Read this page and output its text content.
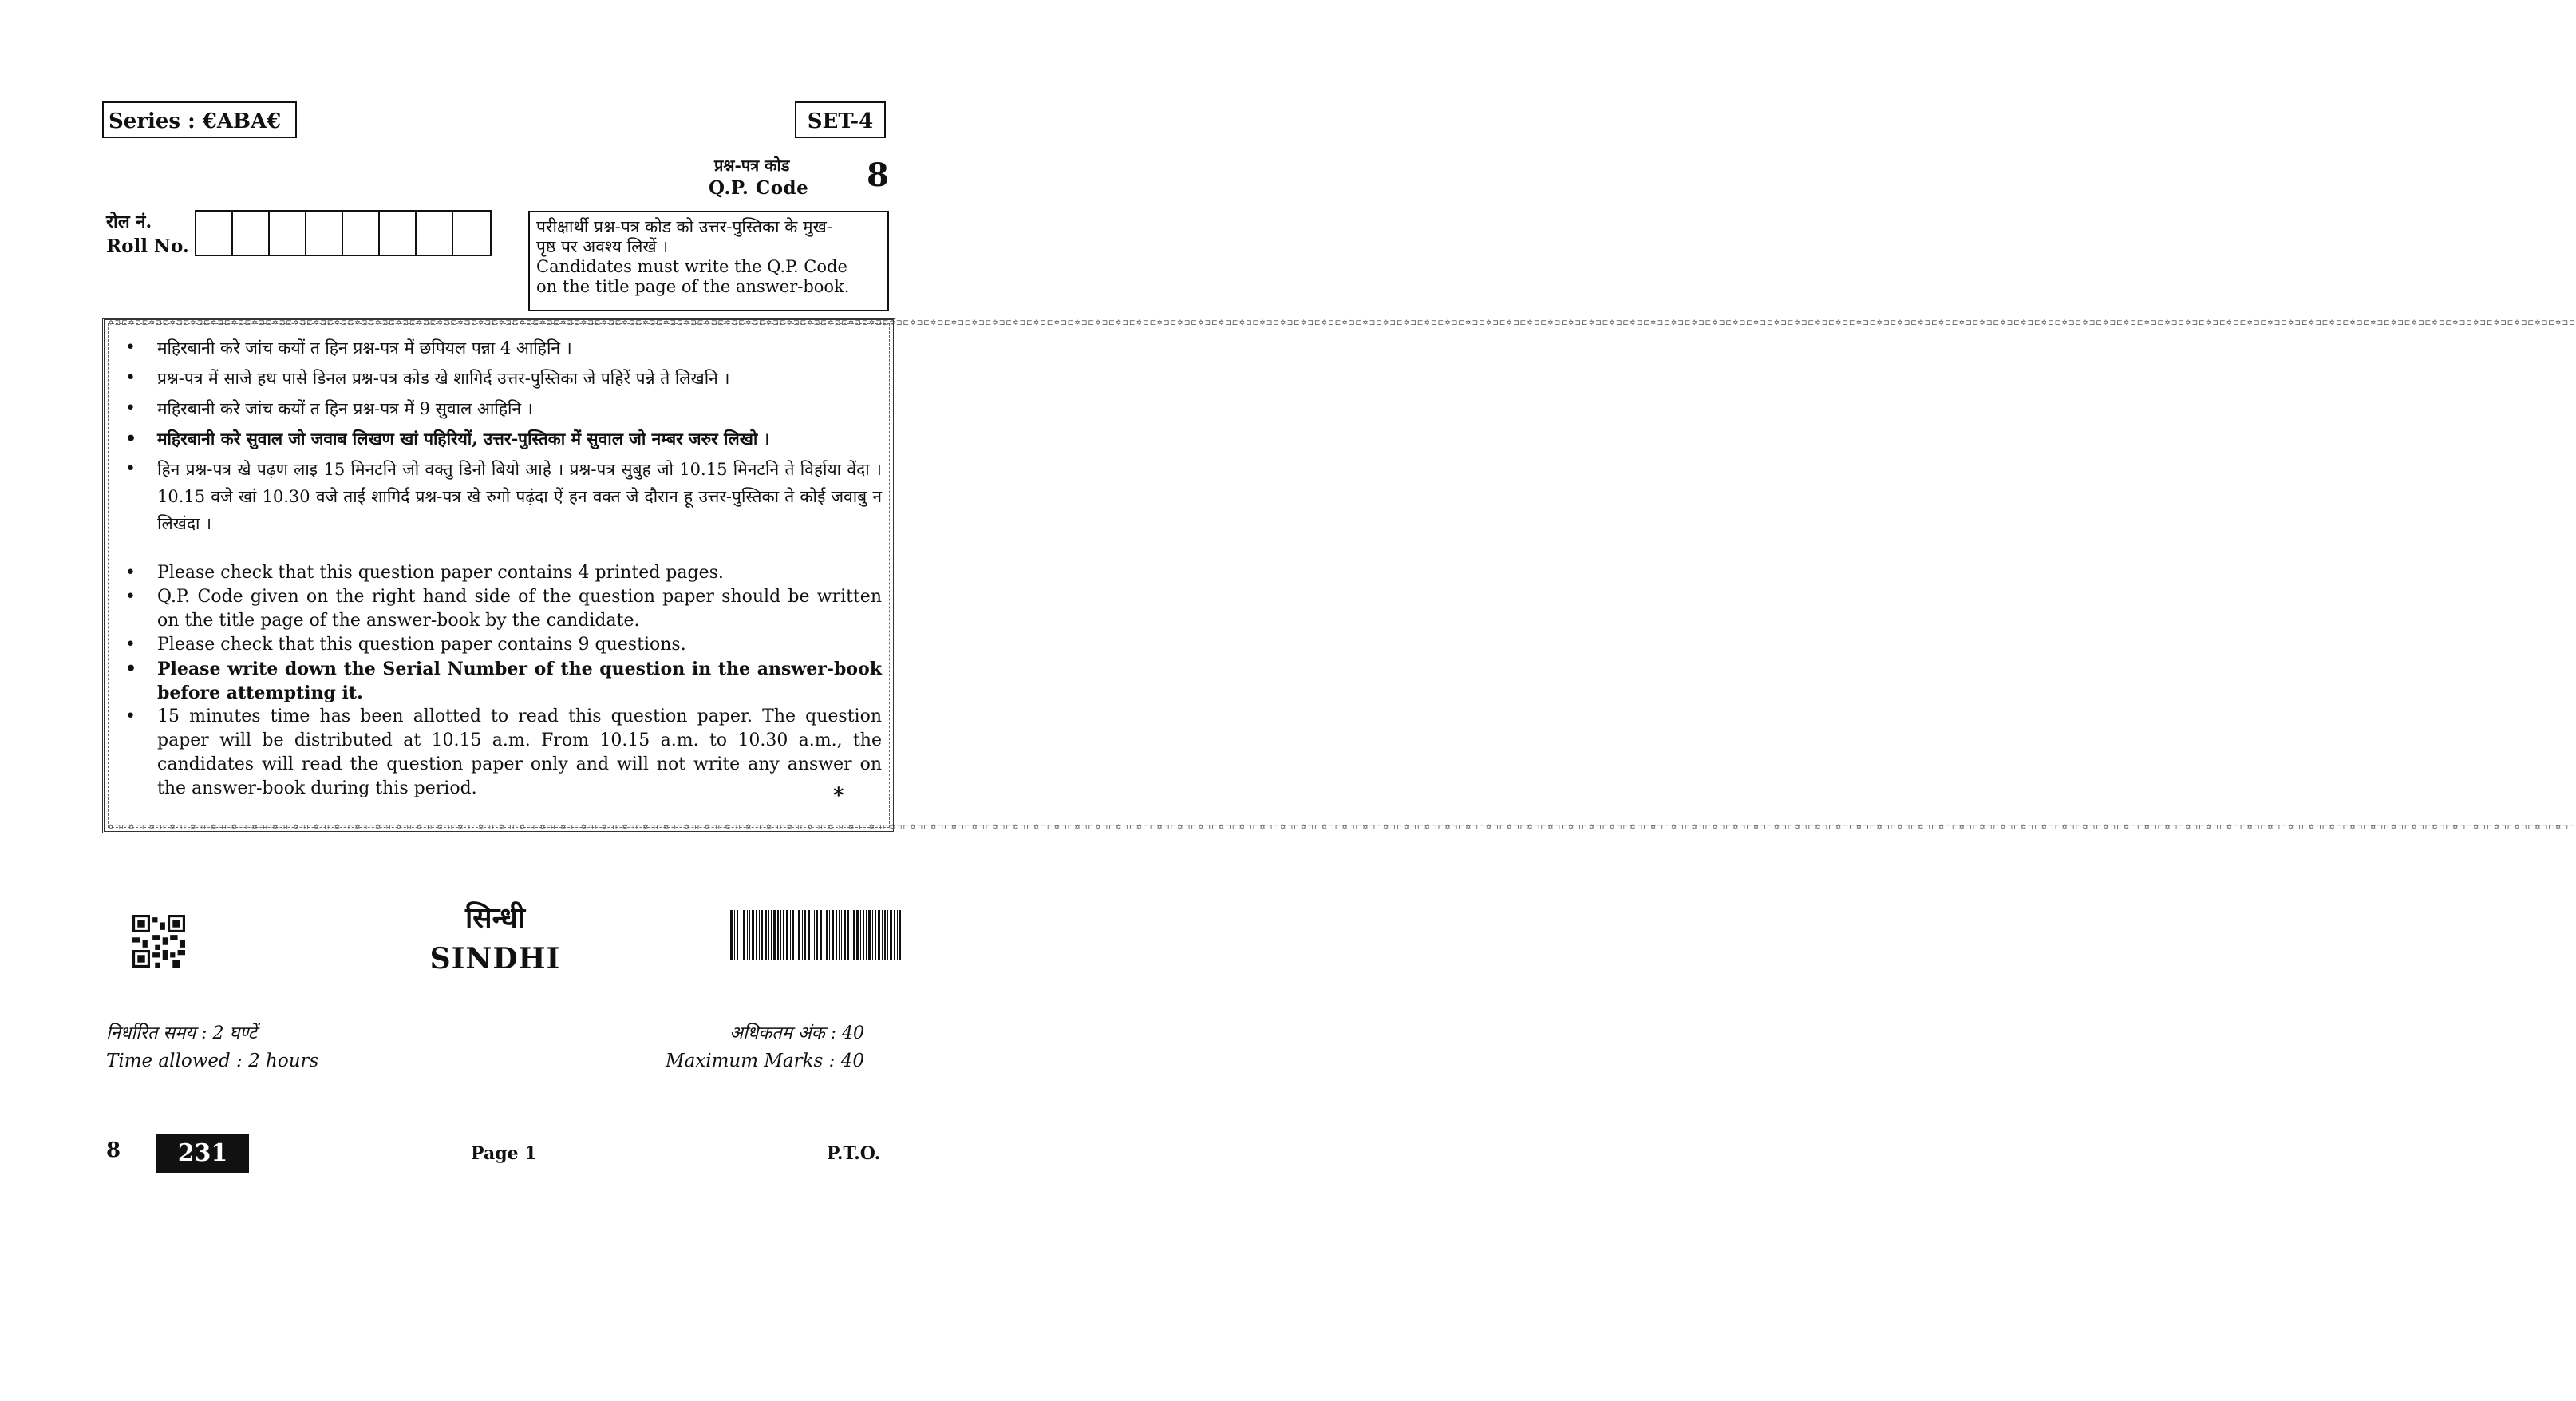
Series : €ABA€	SET-4
प्रश्न-पत्र कोड
Q.P. Code 8
रोल नं.
Roll No.
परीक्षार्थी प्रश्न-पत्र कोड को उत्तर-पुस्तिका के मुख-
पृष्ठ पर अवश्य लिखें ।
Candidates must write the Q.P. Code
on the title page of the answer-book.
✡⊐⊏✡⊐⊏✡⊐⊏✡⊐⊏✡⊐⊏✡⊐⊏✡⊐⊏✡⊐⊏✡⊐⊏✡⊐⊏✡⊐⊏✡⊐⊏✡⊐⊏✡⊐⊏✡⊐⊏✡⊐⊏✡⊐⊏✡⊐⊏✡⊐⊏✡⊐⊏✡⊐⊏✡⊐⊏✡⊐⊏✡⊐⊏✡⊐⊏✡⊐⊏✡⊐⊏✡⊐⊏✡⊐⊏✡⊐⊏✡⊐⊏✡⊐⊏✡⊐⊏✡⊐⊏✡⊐⊏✡⊐⊏✡⊐⊏✡⊐⊏✡⊐⊏✡⊐⊏✡⊐⊏✡⊐⊏✡⊐⊏✡⊐⊏✡⊐⊏✡⊐⊏✡⊐⊏✡⊐⊏✡⊐⊏✡⊐⊏✡⊐⊏✡⊐⊏✡⊐⊏✡⊐⊏✡⊐⊏✡⊐⊏✡⊐⊏✡⊐⊏✡⊐⊏✡⊐⊏✡⊐⊏✡⊐⊏✡⊐⊏✡⊐⊏✡⊐⊏✡⊐⊏✡⊐⊏✡⊐⊏✡⊐⊏✡⊐⊏✡⊐⊏✡⊐⊏✡⊐⊏✡⊐⊏✡⊐⊏✡⊐⊏✡⊐⊏✡⊐⊏✡⊐⊏✡⊐⊏✡⊐⊏✡⊐⊏✡⊐⊏✡⊐⊏✡⊐⊏✡⊐⊏✡⊐⊏✡⊐⊏✡⊐⊏✡⊐⊏✡⊐⊏✡⊐⊏✡⊐⊏✡⊐⊏✡⊐⊏✡⊐⊏✡⊐⊏✡⊐⊏✡⊐⊏✡⊐⊏✡⊐⊏✡⊐⊏✡⊐⊏✡⊐⊏✡⊐⊏✡⊐⊏✡⊐⊏✡⊐⊏✡⊐⊏✡⊐⊏✡⊐⊏✡⊐⊏✡⊐⊏✡⊐⊏✡⊐⊏✡⊐⊏✡⊐⊏✡⊐⊏✡⊐⊏✡⊐⊏
✡⊐⊏✡⊐⊏✡⊐⊏✡⊐⊏✡⊐⊏✡⊐⊏✡⊐⊏✡⊐⊏✡⊐⊏✡⊐⊏✡⊐⊏✡⊐⊏✡⊐⊏✡⊐⊏✡⊐⊏✡⊐⊏✡⊐⊏✡⊐⊏✡⊐⊏✡⊐⊏✡⊐⊏✡⊐⊏✡⊐⊏✡⊐⊏✡⊐⊏✡⊐⊏✡⊐⊏✡⊐⊏✡⊐⊏✡⊐⊏✡⊐⊏✡⊐⊏✡⊐⊏✡⊐⊏✡⊐⊏✡⊐⊏✡⊐⊏✡⊐⊏✡⊐⊏✡⊐⊏✡⊐⊏✡⊐⊏✡⊐⊏✡⊐⊏✡⊐⊏✡⊐⊏✡⊐⊏✡⊐⊏✡⊐⊏✡⊐⊏✡⊐⊏✡⊐⊏✡⊐⊏✡⊐⊏✡⊐⊏✡⊐⊏✡⊐⊏✡⊐⊏✡⊐⊏✡⊐⊏✡⊐⊏✡⊐⊏✡⊐⊏✡⊐⊏✡⊐⊏✡⊐⊏✡⊐⊏✡⊐⊏✡⊐⊏✡⊐⊏✡⊐⊏✡⊐⊏✡⊐⊏✡⊐⊏✡⊐⊏✡⊐⊏✡⊐⊏✡⊐⊏✡⊐⊏✡⊐⊏✡⊐⊏✡⊐⊏✡⊐⊏✡⊐⊏✡⊐⊏✡⊐⊏✡⊐⊏✡⊐⊏✡⊐⊏✡⊐⊏✡⊐⊏✡⊐⊏✡⊐⊏✡⊐⊏✡⊐⊏✡⊐⊏✡⊐⊏✡⊐⊏✡⊐⊏✡⊐⊏✡⊐⊏✡⊐⊏✡⊐⊏✡⊐⊏✡⊐⊏✡⊐⊏✡⊐⊏✡⊐⊏✡⊐⊏✡⊐⊏✡⊐⊏✡⊐⊏✡⊐⊏✡⊐⊏✡⊐⊏✡⊐⊏✡⊐⊏✡⊐⊏✡⊐⊏✡⊐⊏
• महिरबानी करे जांच कयों त हिन प्रश्न-पत्र में छपियल पन्ना 4 आहिनि ।
• प्रश्न-पत्र में साजे हथ पासे डिनल प्रश्न-पत्र कोड खे शागिर्द उत्तर-पुस्तिका जे पहिरें पन्ने ते लिखनि ।
• महिरबानी करे जांच कयों त हिन प्रश्न-पत्र में 9 सुवाल आहिनि ।
• महिरबानी करे सुवाल जो जवाब लिखण खां पहिरियों, उत्तर-पुस्तिका में सुवाल जो नम्बर जरुर लिखो ।
• हिन प्रश्न-पत्र खे पढ़ण लाइ 15 मिनटनि जो वक्तु डिनो बियो आहे । प्रश्न-पत्र सुबुह जो 10.15 मिनटनि ते विर्हाया वेंदा । 10.15 वजे खां 10.30 वजे ताईं शागिर्द प्रश्न-पत्र खे रुगो पढ़ंदा ऐं हन वक्त जे दौरान हू उत्तर-पुस्तिका ते कोई जवाबु न लिखंदा ।
• Please check that this question paper contains 4 printed pages.
• Q.P. Code given on the right hand side of the question paper should be written on the title page of the answer-book by the candidate.
• Please check that this question paper contains 9 questions.
• Please write down the Serial Number of the question in the answer-book before attempting it.
• 15 minutes time has been allotted to read this question paper. The question paper will be distributed at 10.15 a.m. From 10.15 a.m. to 10.30 a.m., the candidates will read the question paper only and will not write any answer on the answer-book during this period.	*
सिन्धी
SINDHI
निर्धारित समय : 2 घण्टें
Time allowed : 2 hours
अधिकतम अंक : 40
Maximum Marks : 40
8	231	Page 1	P.T.O.
